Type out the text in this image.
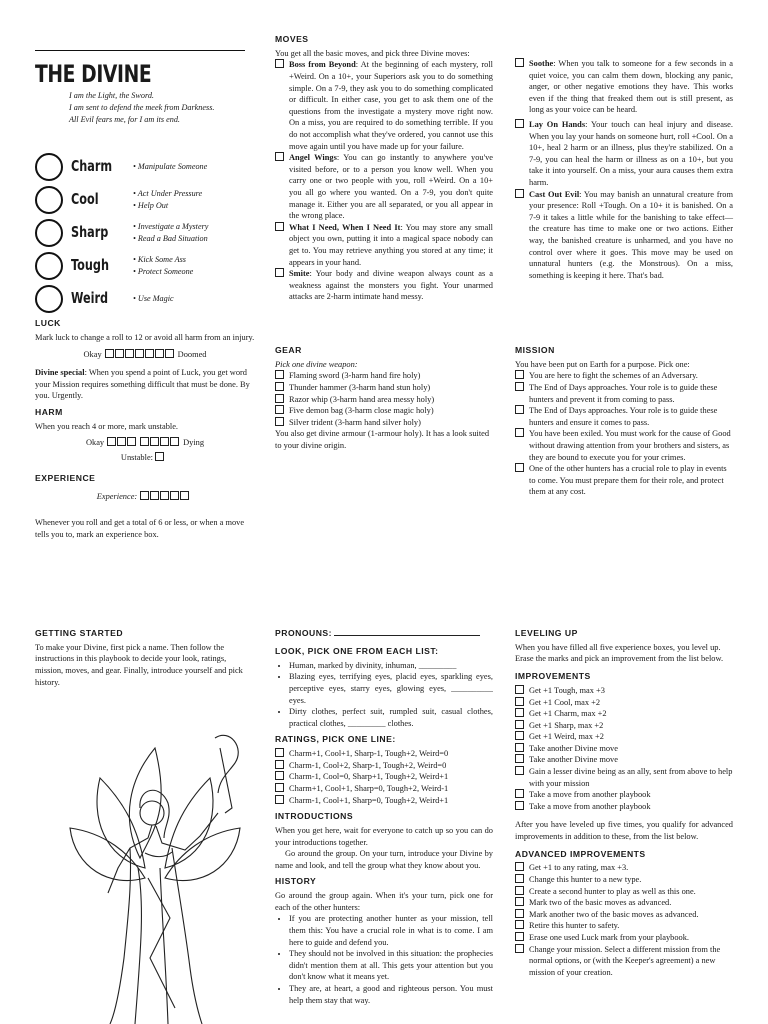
THE DIVINE
I am the Light, the Sword.
I am sent to defend the meek from Darkness.
All Evil fears me, for I am its end.
Charm	• Manipulate Someone
Cool	• Act Under Pressure
• Help Out
Sharp	• Investigate a Mystery
• Read a Bad Situation
Tough	• Kick Some Ass
• Protect Someone
Weird	• Use Magic
LUCK

Mark luck to change a roll to 12 or avoid all harm from an injury.

Okay	Doomed

Divine special: When you spend a point of Luck, you get word your Mission requires something difficult that must be done. By you. Urgently.

HARM

When you reach 4 or more, mark unstable.

Okay	Dying
Unstable:
EXPERIENCE
Experience:

Whenever you roll and get a total of 6 or less, or when a move tells you to, mark an experience box.

MOVES

You get all the basic moves, and pick three Divine moves:

Boss from Beyond: At the beginning of each mystery, roll +Weird. On a 10+, your Superiors ask you to do something simple. On a 7-9, they ask you to do something complicated or difficult. In either case, you get to ask them one of the questions from the investigate a mystery move right now. On a miss, you are required to do something terrible. If you do not accomplish what they've ordered, you cannot use this move again until you have made up for your failure.
Angel Wings: You can go instantly to anywhere you've visited before, or to a person you know well. When you carry one or two people with you, roll +Weird. On a 10+ you all go where you wanted. On a 7-9, you don't quite manage it. Either you are all separated, or you all appear in the wrong place.
What I Need, When I Need It: You may store any small object you own, putting it into a magical space nobody can get to. You may retrieve anything you stored at any time; it appears in your hand.
Smite: Your body and divine weapon always count as a weakness against the monsters you fight. Your unarmed attacks are 2-harm intimate hand messy.
GEAR

Pick one divine weapon:

Flaming sword (3-harm hand fire holy)
Thunder hammer (3-harm hand stun holy)
Razor whip (3-harm hand area messy holy)
Five demon bag (3-harm close magic holy)
Silver trident (3-harm hand silver holy)

You also get divine armour (1-armour holy). It has a look suited to your divine origin.

Soothe: When you talk to someone for a few seconds in a quiet voice, you can calm them down, blocking any panic, anger, or other negative emotions they have. This works even if the thing that freaked them out is still present, as long as your voice can be heard.
Lay On Hands: Your touch can heal injury and disease. When you lay your hands on someone hurt, roll +Cool. On a 10+, heal 2 harm or an illness, plus they're stabilized. On a 7-9, you can heal the harm or illness as on a 10+, but you take it into yourself. On a miss, your aura causes them extra harm.
Cast Out Evil: You may banish an unnatural creature from your presence: Roll +Tough. On a 10+ it is banished. On a 7-9 it takes a little while for the banishing to take effect—the creature has time to make one or two actions. Either way, the banished creature is unharmed, and you have no control over where it goes. This move may be used on unnatural hunters (e.g. the Monstrous). On a miss, something is keeping it here. That's bad.
MISSION

You have been put on Earth for a purpose. Pick one:

You are here to fight the schemes of an Adversary.
The End of Days approaches. Your role is to guide these hunters and prevent it from coming to pass.
The End of Days approaches. Your role is to guide these hunters and ensure it comes to pass.
You have been exiled. You must work for the cause of Good without drawing attention from your brothers and sisters, as they are bound to execute you for your crimes.
One of the other hunters has a crucial role to play in events to come. You must prepare them for their role, and protect them at any cost.
GETTING STARTED

To make your Divine, first pick a name. Then follow the instructions in this playbook to decide your look, ratings, mission, moves, and gear. Finally, introduce yourself and pick history.

PRONOUNS:
LOOK, PICK ONE FROM EACH LIST:
• Human, marked by divinity, inhuman, _________
• Blazing eyes, terrifying eyes, placid eyes, sparkling eyes, perceptive eyes, starry eyes, glowing eyes, __________ eyes.
• Dirty clothes, perfect suit, rumpled suit, casual clothes, practical clothes, _________ clothes.
RATINGS, PICK ONE LINE:
Charm+1, Cool+1, Sharp-1, Tough+2, Weird=0
Charm-1, Cool+2, Sharp-1, Tough+2, Weird=0
Charm-1, Cool=0, Sharp+1, Tough+2, Weird+1
Charm+1, Cool+1, Sharp=0, Tough+2, Weird-1
Charm-1, Cool+1, Sharp=0, Tough+2, Weird+1
INTRODUCTIONS

When you get here, wait for everyone to catch up so you can do your introductions together.

Go around the group. On your turn, introduce your Divine by name and look, and tell the group what they know about you.

HISTORY

Go around the group again. When it's your turn, pick one for each of the other hunters:

• If you are protecting another hunter as your mission, tell them this: You have a crucial role in what is to come. I am here to guide and defend you.
• They should not be involved in this situation: the prophecies didn't mention them at all. This gets your attention but you don't know what it means yet.
• They are, at heart, a good and righteous person. You must help them stay that way.
LEVELING UP

When you have filled all five experience boxes, you level up. Erase the marks and pick an improvement from the list below.

IMPROVEMENTS
Get +1 Tough, max +3
Get +1 Cool, max +2
Get +1 Charm, max +2
Get +1 Sharp, max +2
Get +1 Weird, max +2
Take another Divine move
Take another Divine move
Gain a lesser divine being as an ally, sent from above to help with your mission
Take a move from another playbook
Take a move from another playbook

After you have leveled up five times, you qualify for advanced improvements in addition to these, from the list below.

ADVANCED IMPROVEMENTS
Get +1 to any rating, max +3.
Change this hunter to a new type.
Create a second hunter to play as well as this one.
Mark two of the basic moves as advanced.
Mark another two of the basic moves as advanced.
Retire this hunter to safety.
Erase one used Luck mark from your playbook.
Change your mission. Select a different mission from the normal options, or (with the Keeper's agreement) a new mission of your creation.
